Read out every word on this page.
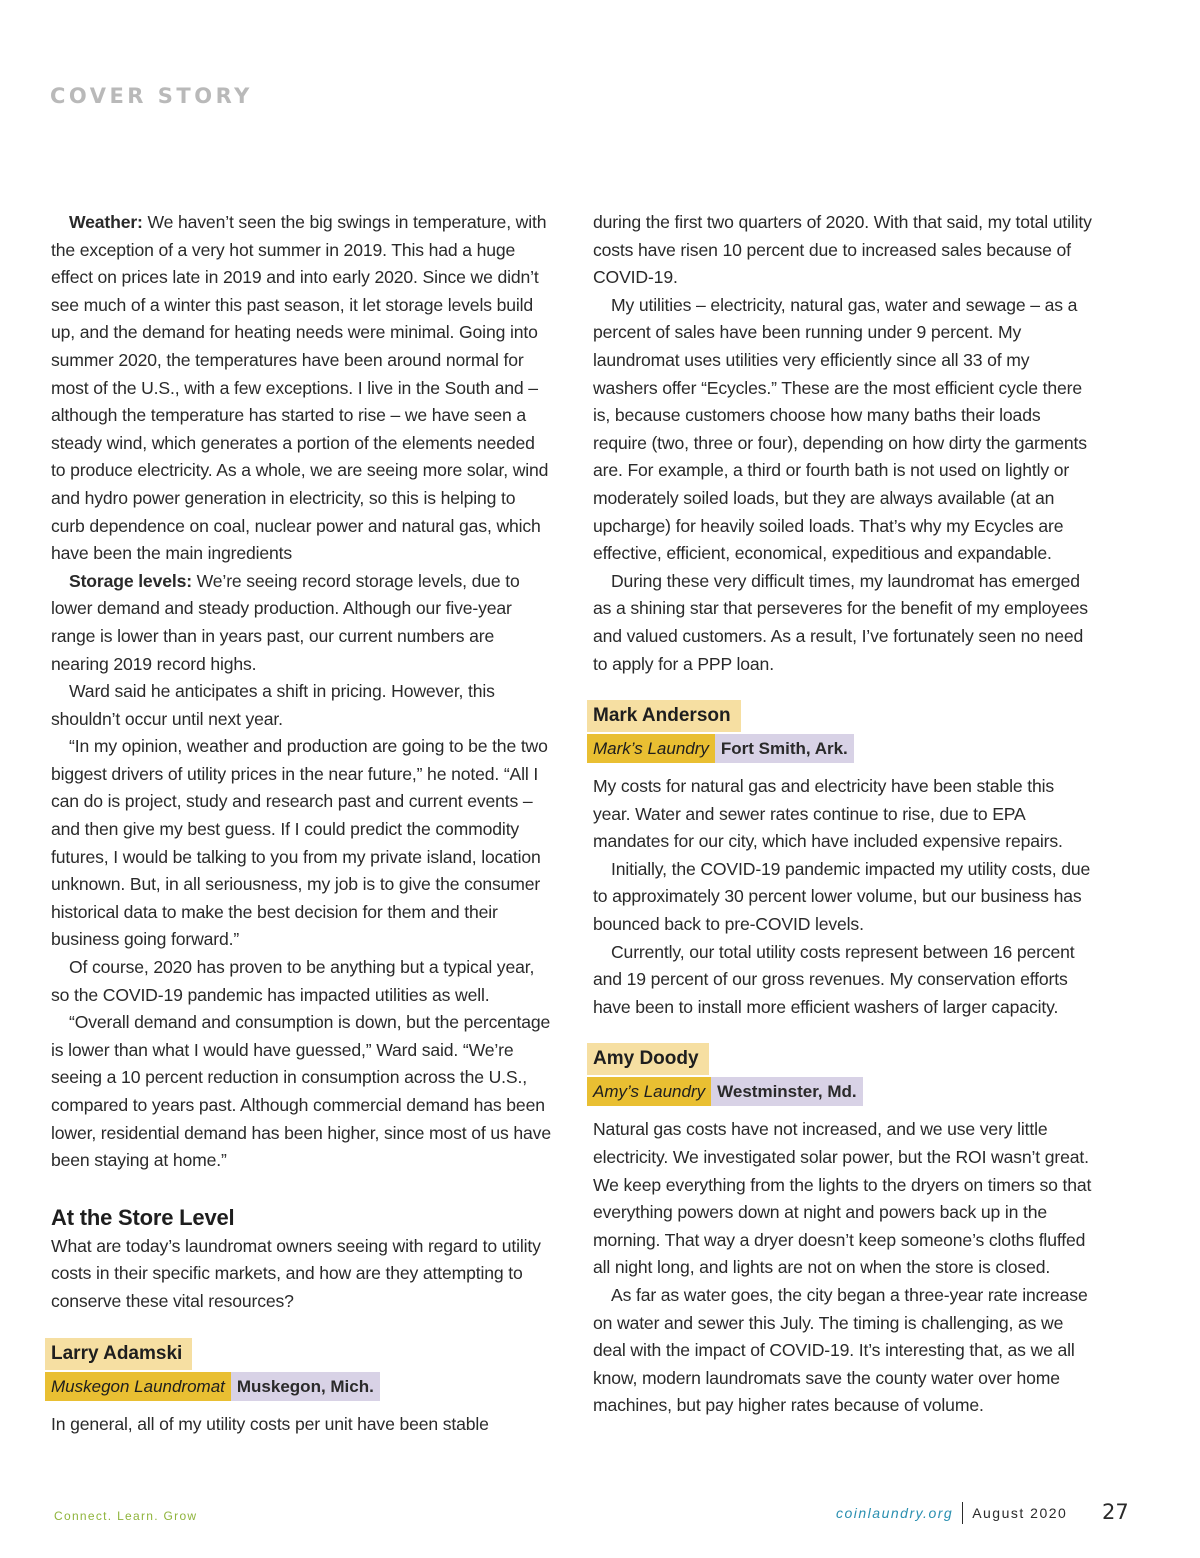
COVER STORY

Weather: We haven’t seen the big swings in temperature, with the exception of a very hot summer in 2019. This had a huge effect on prices late in 2019 and into early 2020. Since we didn’t see much of a winter this past season, it let storage levels build up, and the demand for heating needs were minimal. Going into summer 2020, the temperatures have been around normal for most of the U.S., with a few exceptions. I live in the South and – although the temperature has started to rise – we have seen a steady wind, which generates a portion of the elements needed to produce electricity. As a whole, we are seeing more solar, wind and hydro power generation in electricity, so this is helping to curb dependence on coal, nuclear power and natural gas, which have been the main ingredients

Storage levels: We’re seeing record storage levels, due to lower demand and steady production. Although our five-year range is lower than in years past, our current numbers are nearing 2019 record highs.

Ward said he anticipates a shift in pricing. However, this shouldn’t occur until next year.

“In my opinion, weather and production are going to be the two biggest drivers of utility prices in the near future,” he noted. “All I can do is project, study and research past and current events – and then give my best guess. If I could predict the commodity futures, I would be talking to you from my private island, location unknown. But, in all seriousness, my job is to give the consumer historical data to make the best decision for them and their business going forward.”

Of course, 2020 has proven to be anything but a typical year, so the COVID-19 pandemic has impacted utilities as well.

“Overall demand and consumption is down, but the percentage is lower than what I would have guessed,” Ward said. “We’re seeing a 10 percent reduction in consumption across the U.S., compared to years past. Although commercial demand has been lower, residential demand has been higher, since most of us have been staying at home.”

At the Store Level

What are today’s laundromat owners seeing with regard to utility costs in their specific markets, and how are they attempting to conserve these vital resources?

Larry Adamski
Muskegon Laundromat Muskegon, Mich.

In general, all of my utility costs per unit have been stable

during the first two quarters of 2020. With that said, my total utility costs have risen 10 percent due to increased sales because of COVID-19.

My utilities – electricity, natural gas, water and sewage – as a percent of sales have been running under 9 percent. My laundromat uses utilities very efficiently since all 33 of my washers offer “Ecycles.” These are the most efficient cycle there is, because customers choose how many baths their loads require (two, three or four), depending on how dirty the garments are. For example, a third or fourth bath is not used on lightly or moderately soiled loads, but they are always available (at an upcharge) for heavily soiled loads. That’s why my Ecycles are effective, efficient, economical, expeditious and expandable.

During these very difficult times, my laundromat has emerged as a shining star that perseveres for the benefit of my employees and valued customers. As a result, I’ve fortunately seen no need to apply for a PPP loan.

Mark Anderson
Mark’s Laundry Fort Smith, Ark.

My costs for natural gas and electricity have been stable this year. Water and sewer rates continue to rise, due to EPA mandates for our city, which have included expensive repairs.

Initially, the COVID-19 pandemic impacted my utility costs, due to approximately 30 percent lower volume, but our business has bounced back to pre-COVID levels.

Currently, our total utility costs represent between 16 percent and 19 percent of our gross revenues. My conservation efforts have been to install more efficient washers of larger capacity.

Amy Doody
Amy’s Laundry Westminster, Md.

Natural gas costs have not increased, and we use very little electricity. We investigated solar power, but the ROI wasn’t great. We keep everything from the lights to the dryers on timers so that everything powers down at night and powers back up in the morning. That way a dryer doesn’t keep someone’s cloths fluffed all night long, and lights are not on when the store is closed.

As far as water goes, the city began a three-year rate increase on water and sewer this July. The timing is challenging, as we deal with the impact of COVID-19. It’s interesting that, as we all know, modern laundromats save the county water over home machines, but pay higher rates because of volume.

Connect. Learn. Grow	coinlaundry.org August 2020 27
